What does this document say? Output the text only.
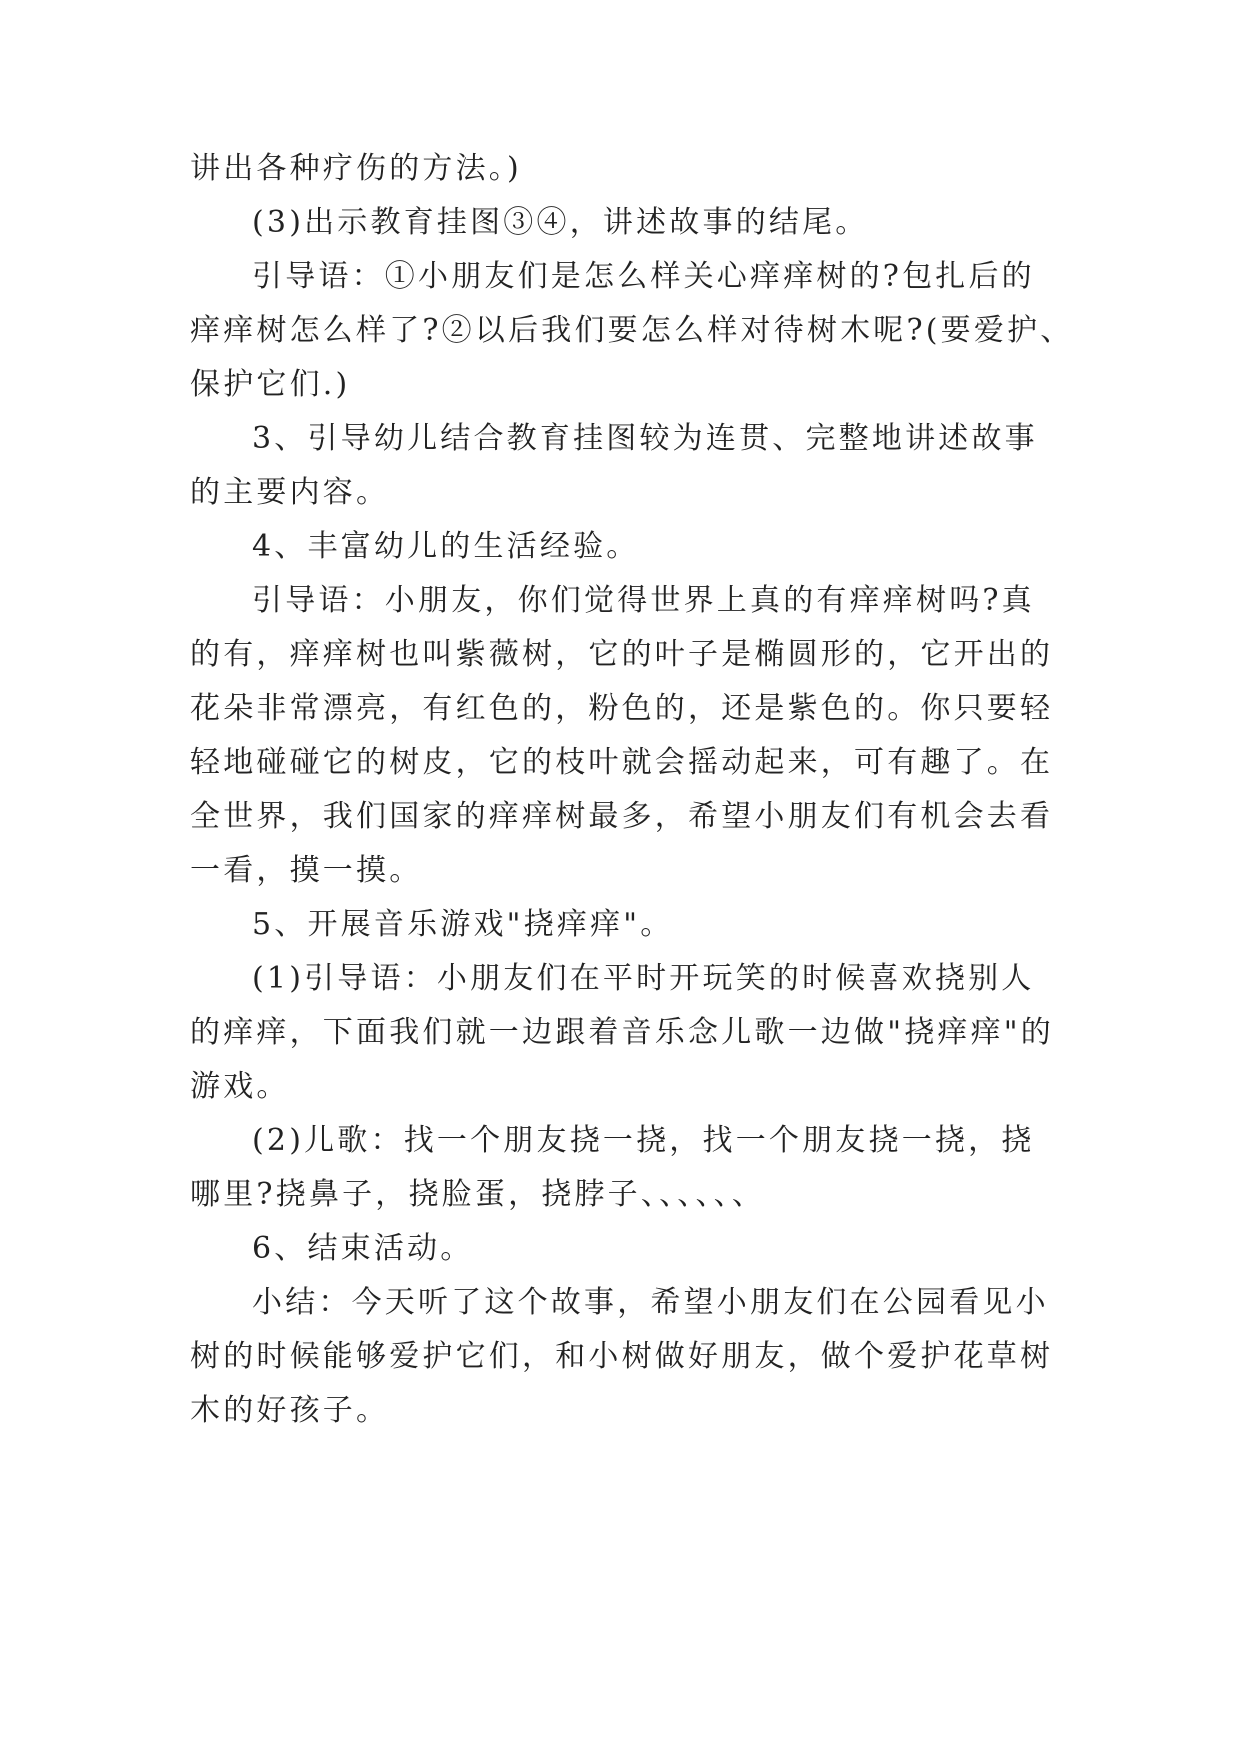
讲出各种疗伤的方法。)

(3)出示教育挂图③④，讲述故事的结尾。

引导语：①小朋友们是怎么样关心痒痒树的?包扎后的

痒痒树怎么样了?②以后我们要怎么样对待树木呢?(要爱护、

保护它们.)

3、引导幼儿结合教育挂图较为连贯、完整地讲述故事

的主要内容。

4、丰富幼儿的生活经验。

引导语：小朋友，你们觉得世界上真的有痒痒树吗?真

的有，痒痒树也叫紫薇树，它的叶子是椭圆形的，它开出的

花朵非常漂亮，有红色的，粉色的，还是紫色的。你只要轻

轻地碰碰它的树皮，它的枝叶就会摇动起来，可有趣了。在

全世界，我们国家的痒痒树最多，希望小朋友们有机会去看

一看，摸一摸。

5、开展音乐游戏"挠痒痒"。

(1)引导语：小朋友们在平时开玩笑的时候喜欢挠别人

的痒痒，下面我们就一边跟着音乐念儿歌一边做"挠痒痒"的

游戏。

(2)儿歌：找一个朋友挠一挠，找一个朋友挠一挠，挠

哪里?挠鼻子，挠脸蛋，挠脖子、、、、、、

6、结束活动。

小结：今天听了这个故事，希望小朋友们在公园看见小

树的时候能够爱护它们，和小树做好朋友，做个爱护花草树

木的好孩子。
